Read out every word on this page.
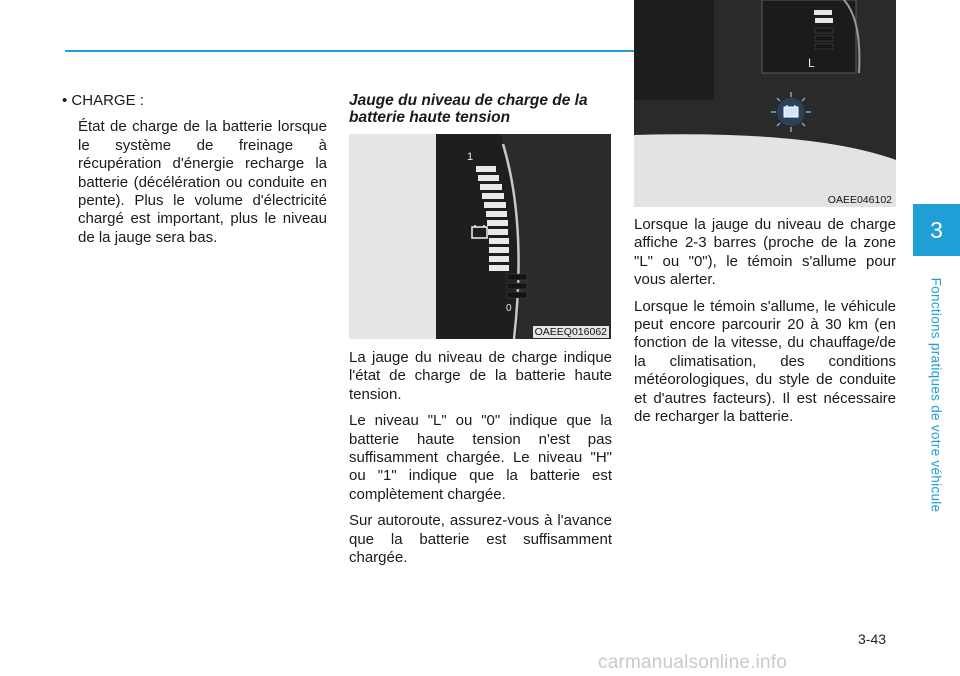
• CHARGE :

État de charge de la batterie lorsque le système de freinage à récupération d'énergie recharge la batterie (décélération ou conduite en pente). Plus le volume d'électricité chargé est important, plus le niveau de la jauge sera bas.

Jauge du niveau de charge de la batterie haute tension

1
0
OAEEQ016062

La jauge du niveau de charge indique l'état de charge de la batterie haute tension.

Le niveau "L" ou "0" indique que la batterie haute tension n'est pas suffisamment chargée. Le niveau "H" ou "1" indique que la batterie est complètement chargée.

Sur autoroute, assurez-vous à l'avance que la batterie est suffisamment chargée.

L
OAEE046102

Lorsque la jauge du niveau de charge affiche 2-3 barres (proche de la zone "L" ou "0"), le témoin s'allume pour vous alerter.

Lorsque le témoin s'allume, le véhicule peut encore parcourir 20 à 30 km (en fonction de la vitesse, du chauffage/de la climatisation, des conditions météorologiques, du style de conduite et d'autres facteurs). Il est nécessaire de recharger la batterie.

3
Fonctions pratiques de votre véhicule
3-43
carmanualsonline.info
